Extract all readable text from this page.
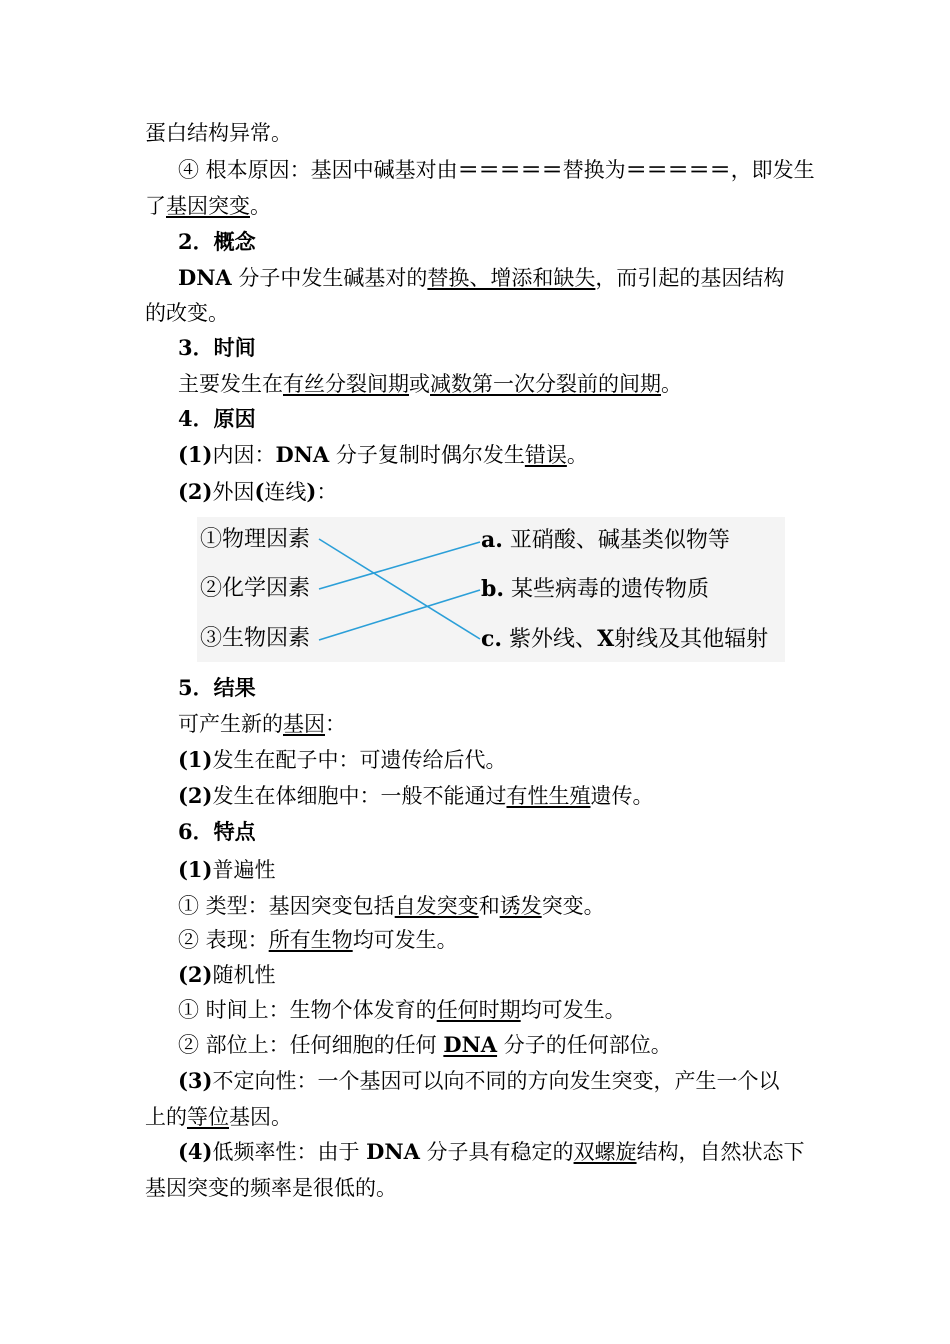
蛋白结构异常。
④ 根本原因：基因中碱基对由＝＝＝＝＝替换为＝＝＝＝＝，即发生
了基因突变。
2．概念
DNA 分子中发生碱基对的替换、增添和缺失，而引起的基因结构
的改变。
3．时间
主要发生在有丝分裂间期或减数第一次分裂前的间期。
4．原因
(1)内因：DNA 分子复制时偶尔发生错误。
(2)外因(连线)：
①物理因素
②化学因素
③生物因素
a. 亚硝酸、碱基类似物等
b. 某些病毒的遗传物质
c. 紫外线、X射线及其他辐射
5．结果
可产生新的基因：
(1)发生在配子中：可遗传给后代。
(2)发生在体细胞中：一般不能通过有性生殖遗传。
6．特点
(1)普遍性
① 类型：基因突变包括自发突变和诱发突变。
② 表现：所有生物均可发生。
(2)随机性
① 时间上：生物个体发育的任何时期均可发生。
② 部位上：任何细胞的任何 DNA 分子的任何部位。
(3)不定向性：一个基因可以向不同的方向发生突变，产生一个以
上的等位基因。
(4)低频率性：由于 DNA 分子具有稳定的双螺旋结构，自然状态下
基因突变的频率是很低的。
